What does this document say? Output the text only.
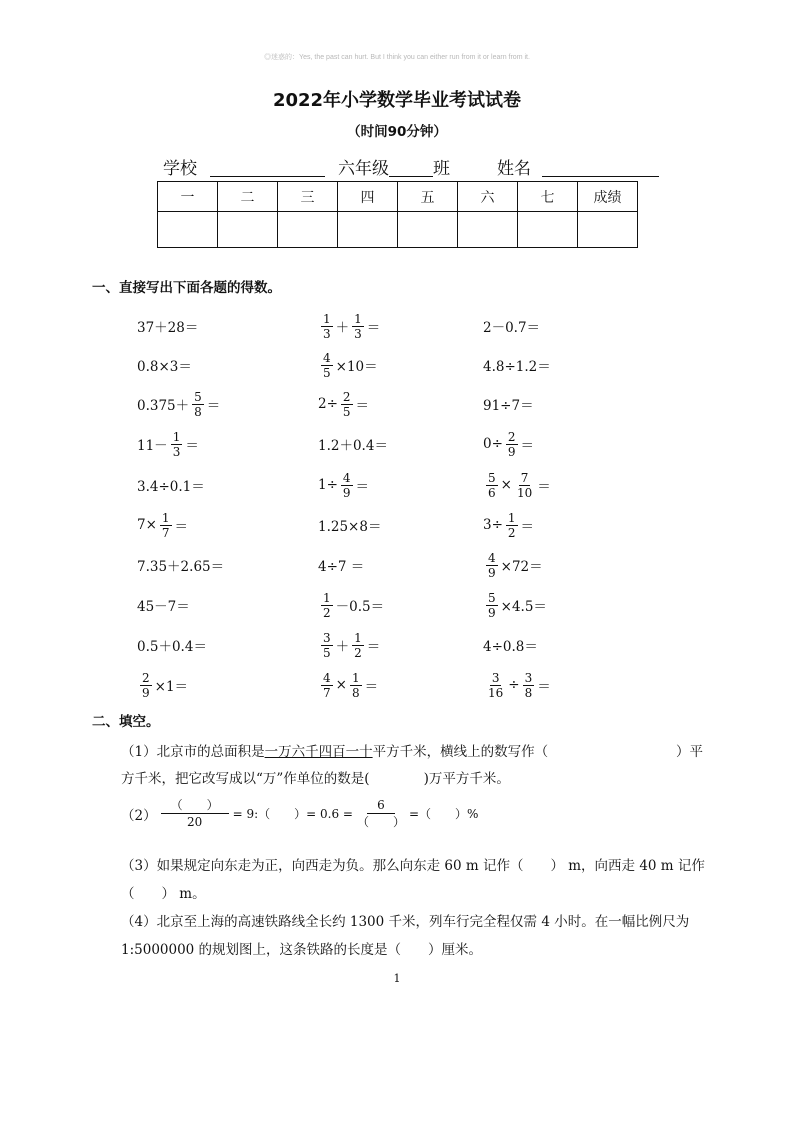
◎迷惑的：Yes, the past can hurt. But I think you can either run from it or learn from it.
2022年小学数学毕业考试试卷
（时间90分钟）
学校	六年级	班	姓名
一	二	三	四	五	六	七	成绩

一、直接写出下面各题的得数。
37＋28＝	$\frac{1}{3} + \frac{1}{3}$ ＝	2－0.7＝
0.8×3＝	$\frac{4}{5} \times 10=$	4.8÷1.2＝
$0.375+ \frac{5}{8}$ ＝	$2\div \frac{2}{5}$ ＝	91÷7＝
$11- \frac{1}{3}$ ＝	1.2＋0.4＝	$0\div \frac{2}{9}$ ＝
3.4÷0.1＝	$1\div \frac{4}{9}$ ＝	$\frac{5}{6} \times \frac{7}{10}$ ＝
$7\times \frac{1}{7}$ ＝	1.25×8＝	$3\div \frac{1}{2}$ ＝
7.35＋2.65＝	4÷7 ＝	$\frac{4}{9} \times 72=$
45－7＝	$\frac{1}{2} -0.5=$	$\frac{5}{9} \times 4.5=$
0.5＋0.4＝	$\frac{3}{5} + \frac{1}{2}$ ＝	4÷0.8＝
$\frac{2}{9} \times 1=$	$\frac{4}{7} \times \frac{1}{8}$ ＝	$\frac{3}{16} \div \frac{3}{8}$ ＝
二、填空。
（1）北京市的总面积是一万六千四百一十平方千米，横线上的数写作（	）平
方千米，把它改写成以“万”作单位的数是(　　　　)万平方千米。
$(2) \frac{( )}{20}$ = 9:（　　）= $0.6 = \frac{6}{( )}$ =（　　）%
（3）如果规定向东走为正，向西走为负。那么向东走 60 m 记作（　　） m，向西走 40 m 记作
（　　） m。
（4）北京至上海的高速铁路线全长约 1300 千米，列车行完全程仅需 4 小时。在一幅比例尺为
1:5000000 的规划图上，这条铁路的长度是（　　）厘米。
1
